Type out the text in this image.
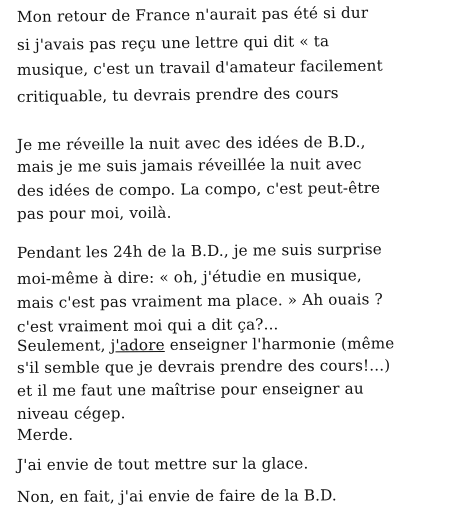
Mon retour de France n'aurait pas été si dur
si j'avais pas reçu une lettre qui dit « ta
musique, c'est un travail d'amateur facilement
critiquable, tu devrais prendre des cours
Je me réveille la nuit avec des idées de B.D.,
mais je me suis jamais réveillée la nuit avec
des idées de compo. La compo, c'est peut-être
pas pour moi, voilà.
Pendant les 24h de la B.D., je me suis surprise
moi-même à dire: « oh, j'étudie en musique,
mais c'est pas vraiment ma place. » Ah ouais ?
c'est vraiment moi qui a dit ça?...
Seulement, j'adore enseigner l'harmonie (même
s'il semble que je devrais prendre des cours!...)
et il me faut une maîtrise pour enseigner au
niveau cégep.
Merde.
J'ai envie de tout mettre sur la glace.
Non, en fait, j'ai envie de faire de la B.D.
